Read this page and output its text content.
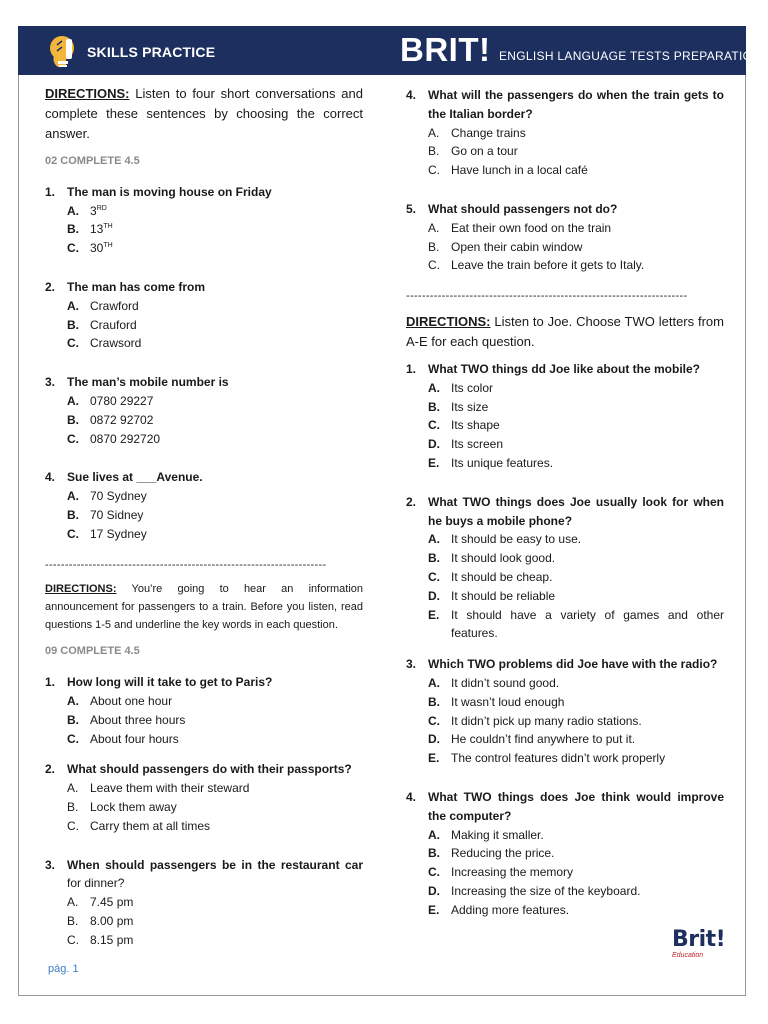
SKILLS PRACTICE	BRIT! ENGLISH LANGUAGE TESTS PREPARATION.
DIRECTIONS: Listen to four short conversations and complete these sentences by choosing the correct answer.
02 COMPLETE 4.5
1. The man is moving house on Friday
A. 3RD
B. 13TH
C. 30TH
2. The man has come from
A. Crawford
B. Crauford
C. Crawsord
3. The man’s mobile number is
A. 0780 29227
B. 0872 92702
C. 0870 292720
4. Sue lives at ___Avenue.
A. 70 Sydney
B. 70 Sidney
C. 17 Sydney
-----------------------------------------------------------------------
DIRECTIONS: You’re going to hear an information announcement for passengers to a train. Before you listen, read questions 1-5 and underline the key words in each question.
09 COMPLETE 4.5
1. How long will it take to get to Paris?
A. About one hour
B. About three hours
C. About four hours
2. What should passengers do with their passports?
A. Leave them with their steward
B. Lock them away
C. Carry them at all times
3. When should passengers be in the restaurant car for dinner?
A. 7.45 pm
B. 8.00 pm
C. 8.15 pm
4. What will the passengers do when the train gets to the Italian border?
A. Change trains
B. Go on a tour
C. Have lunch in a local café
5. What should passengers not do?
A. Eat their own food on the train
B. Open their cabin window
C. Leave the train before it gets to Italy.
-----------------------------------------------------------------------
DIRECTIONS: Listen to Joe. Choose TWO letters from A-E for each question.
1. What TWO things dd Joe like about the mobile?
A. Its color
B. Its size
C. Its shape
D. Its screen
E. Its unique features.
2. What TWO things does Joe usually look for when he buys a mobile phone?
A. It should be easy to use.
B. It should look good.
C. It should be cheap.
D. It should be reliable
E. It should have a variety of games and other features.
3. Which TWO problems did Joe have with the radio?
A. It didn’t sound good.
B. It wasn’t loud enough
C. It didn’t pick up many radio stations.
D. He couldn’t find anywhere to put it.
E. The control features didn’t work properly
4. What TWO things does Joe think would improve the computer?
A. Making it smaller.
B. Reducing the price.
C. Increasing the memory
D. Increasing the size of the keyboard.
E. Adding more features.
pág. 1
Brit!
Education
